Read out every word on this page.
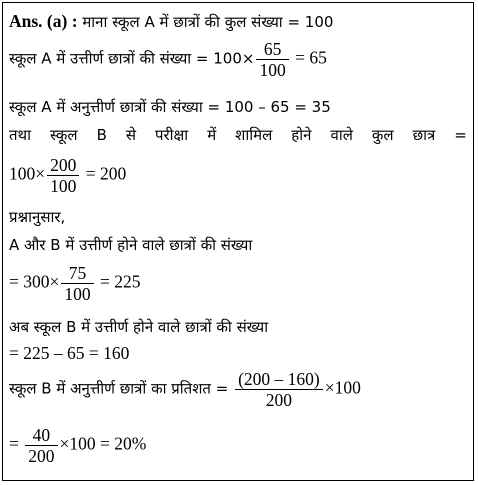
Ans. (a) : माना स्कूल A में छात्रों की कुल संख्या = 100
स्कूल A में उत्तीर्ण छात्रों की संख्या = $100\times \frac{65}{100} = 65$
स्कूल A में अनुत्तीर्ण छात्रों की संख्या = 100 – 65 = 35
तथा स्कूल B से परीक्षा में शामिल होने वाले कुल छात्र =
$100\times \frac{200}{100} = 200$
प्रश्नानुसार,
A और B में उत्तीर्ण होने वाले छात्रों की संख्या
= $300\times \frac{75}{100} = 225$
अब स्कूल B में उत्तीर्ण होने वाले छात्रों की संख्या
= 225 – 65 = 160
स्कूल B में अनुत्तीर्ण छात्रों का प्रतिशत = $\frac{(200 - 160)}{200} \times 100$
= $\frac{40}{200} \times 100 = 20\%$
